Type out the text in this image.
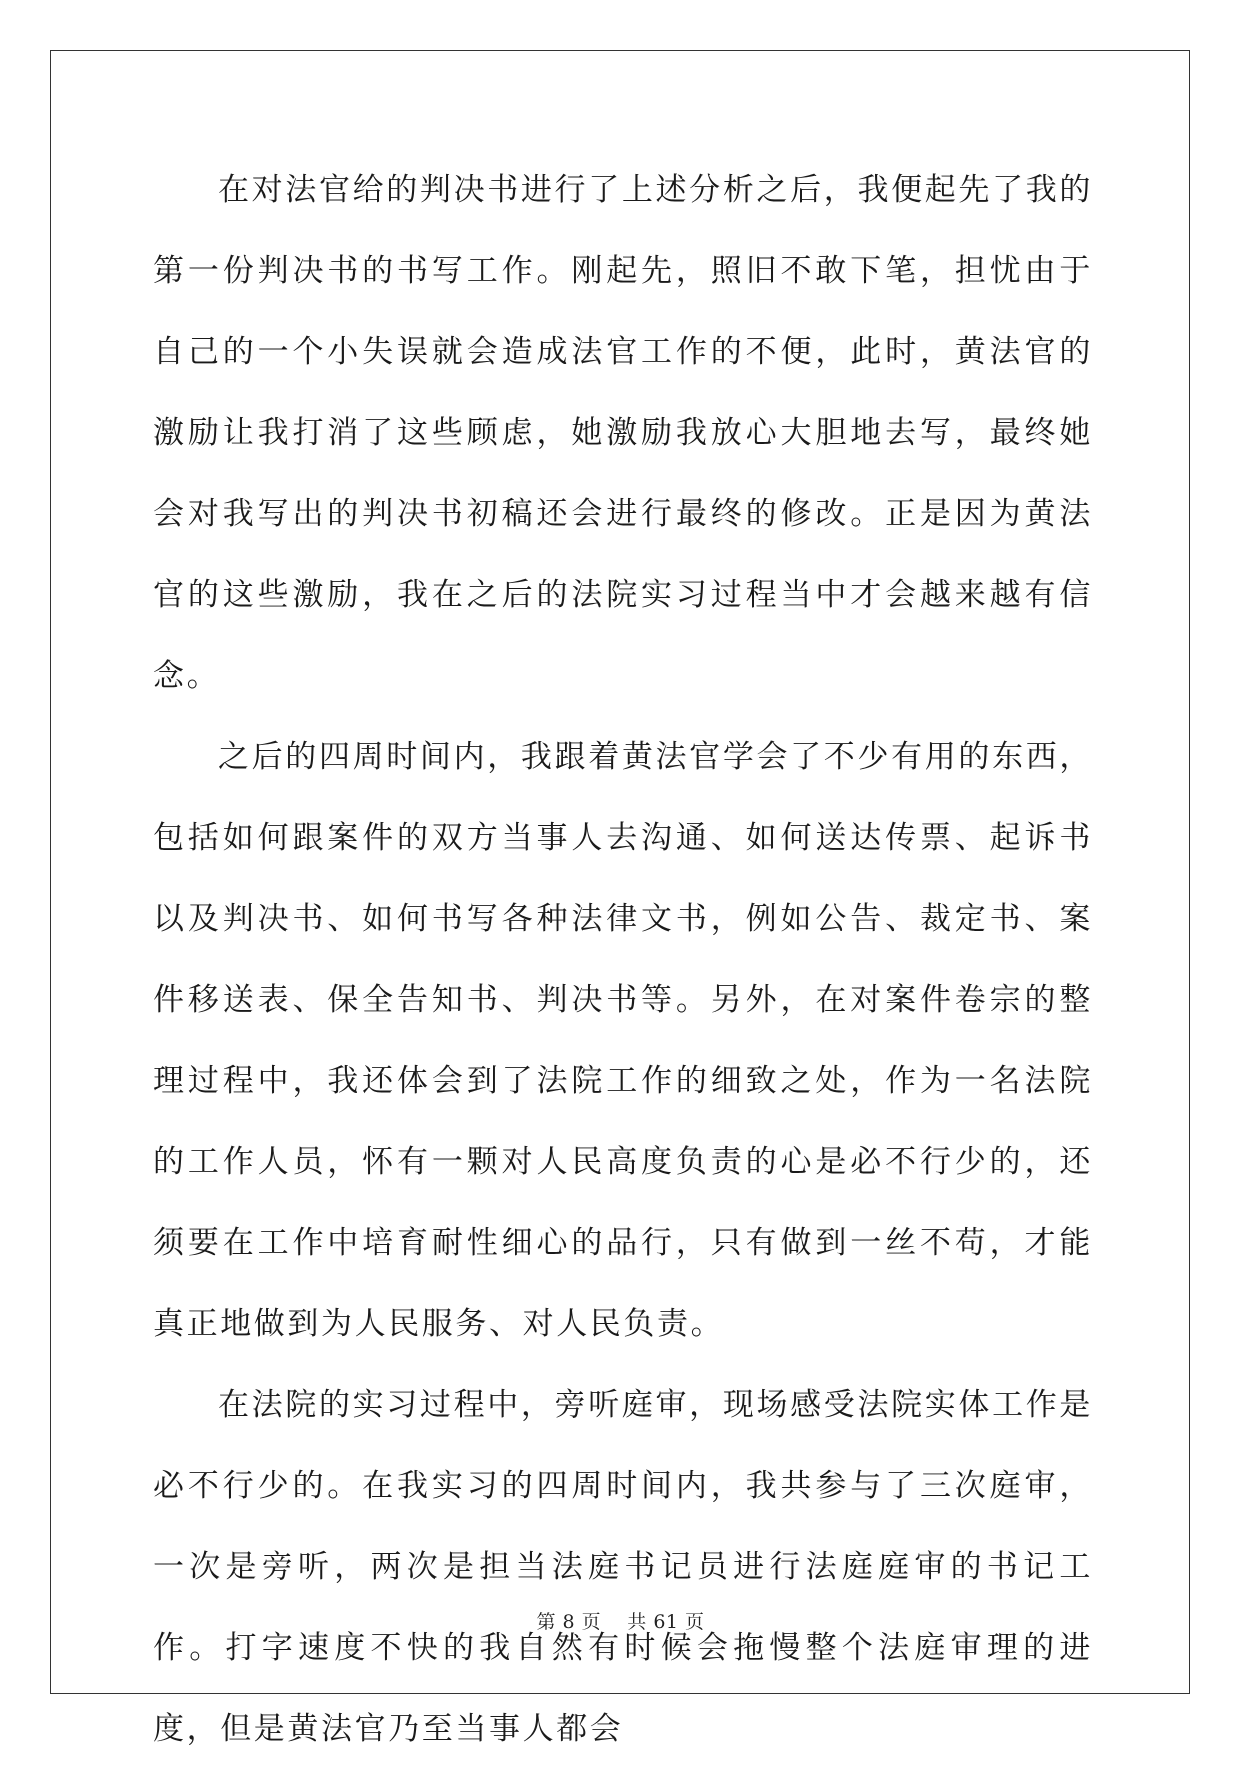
在对法官给的判决书进行了上述分析之后，我便起先了我的第一份判决书的书写工作。刚起先，照旧不敢下笔，担忧由于自己的一个小失误就会造成法官工作的不便，此时，黄法官的激励让我打消了这些顾虑，她激励我放心大胆地去写，最终她会对我写出的判决书初稿还会进行最终的修改。正是因为黄法官的这些激励，我在之后的法院实习过程当中才会越来越有信念。

之后的四周时间内，我跟着黄法官学会了不少有用的东西，包括如何跟案件的双方当事人去沟通、如何送达传票、起诉书以及判决书、如何书写各种法律文书，例如公告、裁定书、案件移送表、保全告知书、判决书等。另外，在对案件卷宗的整理过程中，我还体会到了法院工作的细致之处，作为一名法院的工作人员，怀有一颗对人民高度负责的心是必不行少的，还须要在工作中培育耐性细心的品行，只有做到一丝不苟，才能真正地做到为人民服务、对人民负责。

在法院的实习过程中，旁听庭审，现场感受法院实体工作是必不行少的。在我实习的四周时间内，我共参与了三次庭审，一次是旁听，两次是担当法庭书记员进行法庭庭审的书记工作。打字速度不快的我自然有时候会拖慢整个法庭审理的进度，但是黄法官乃至当事人都会

第 8 页 共 61 页
